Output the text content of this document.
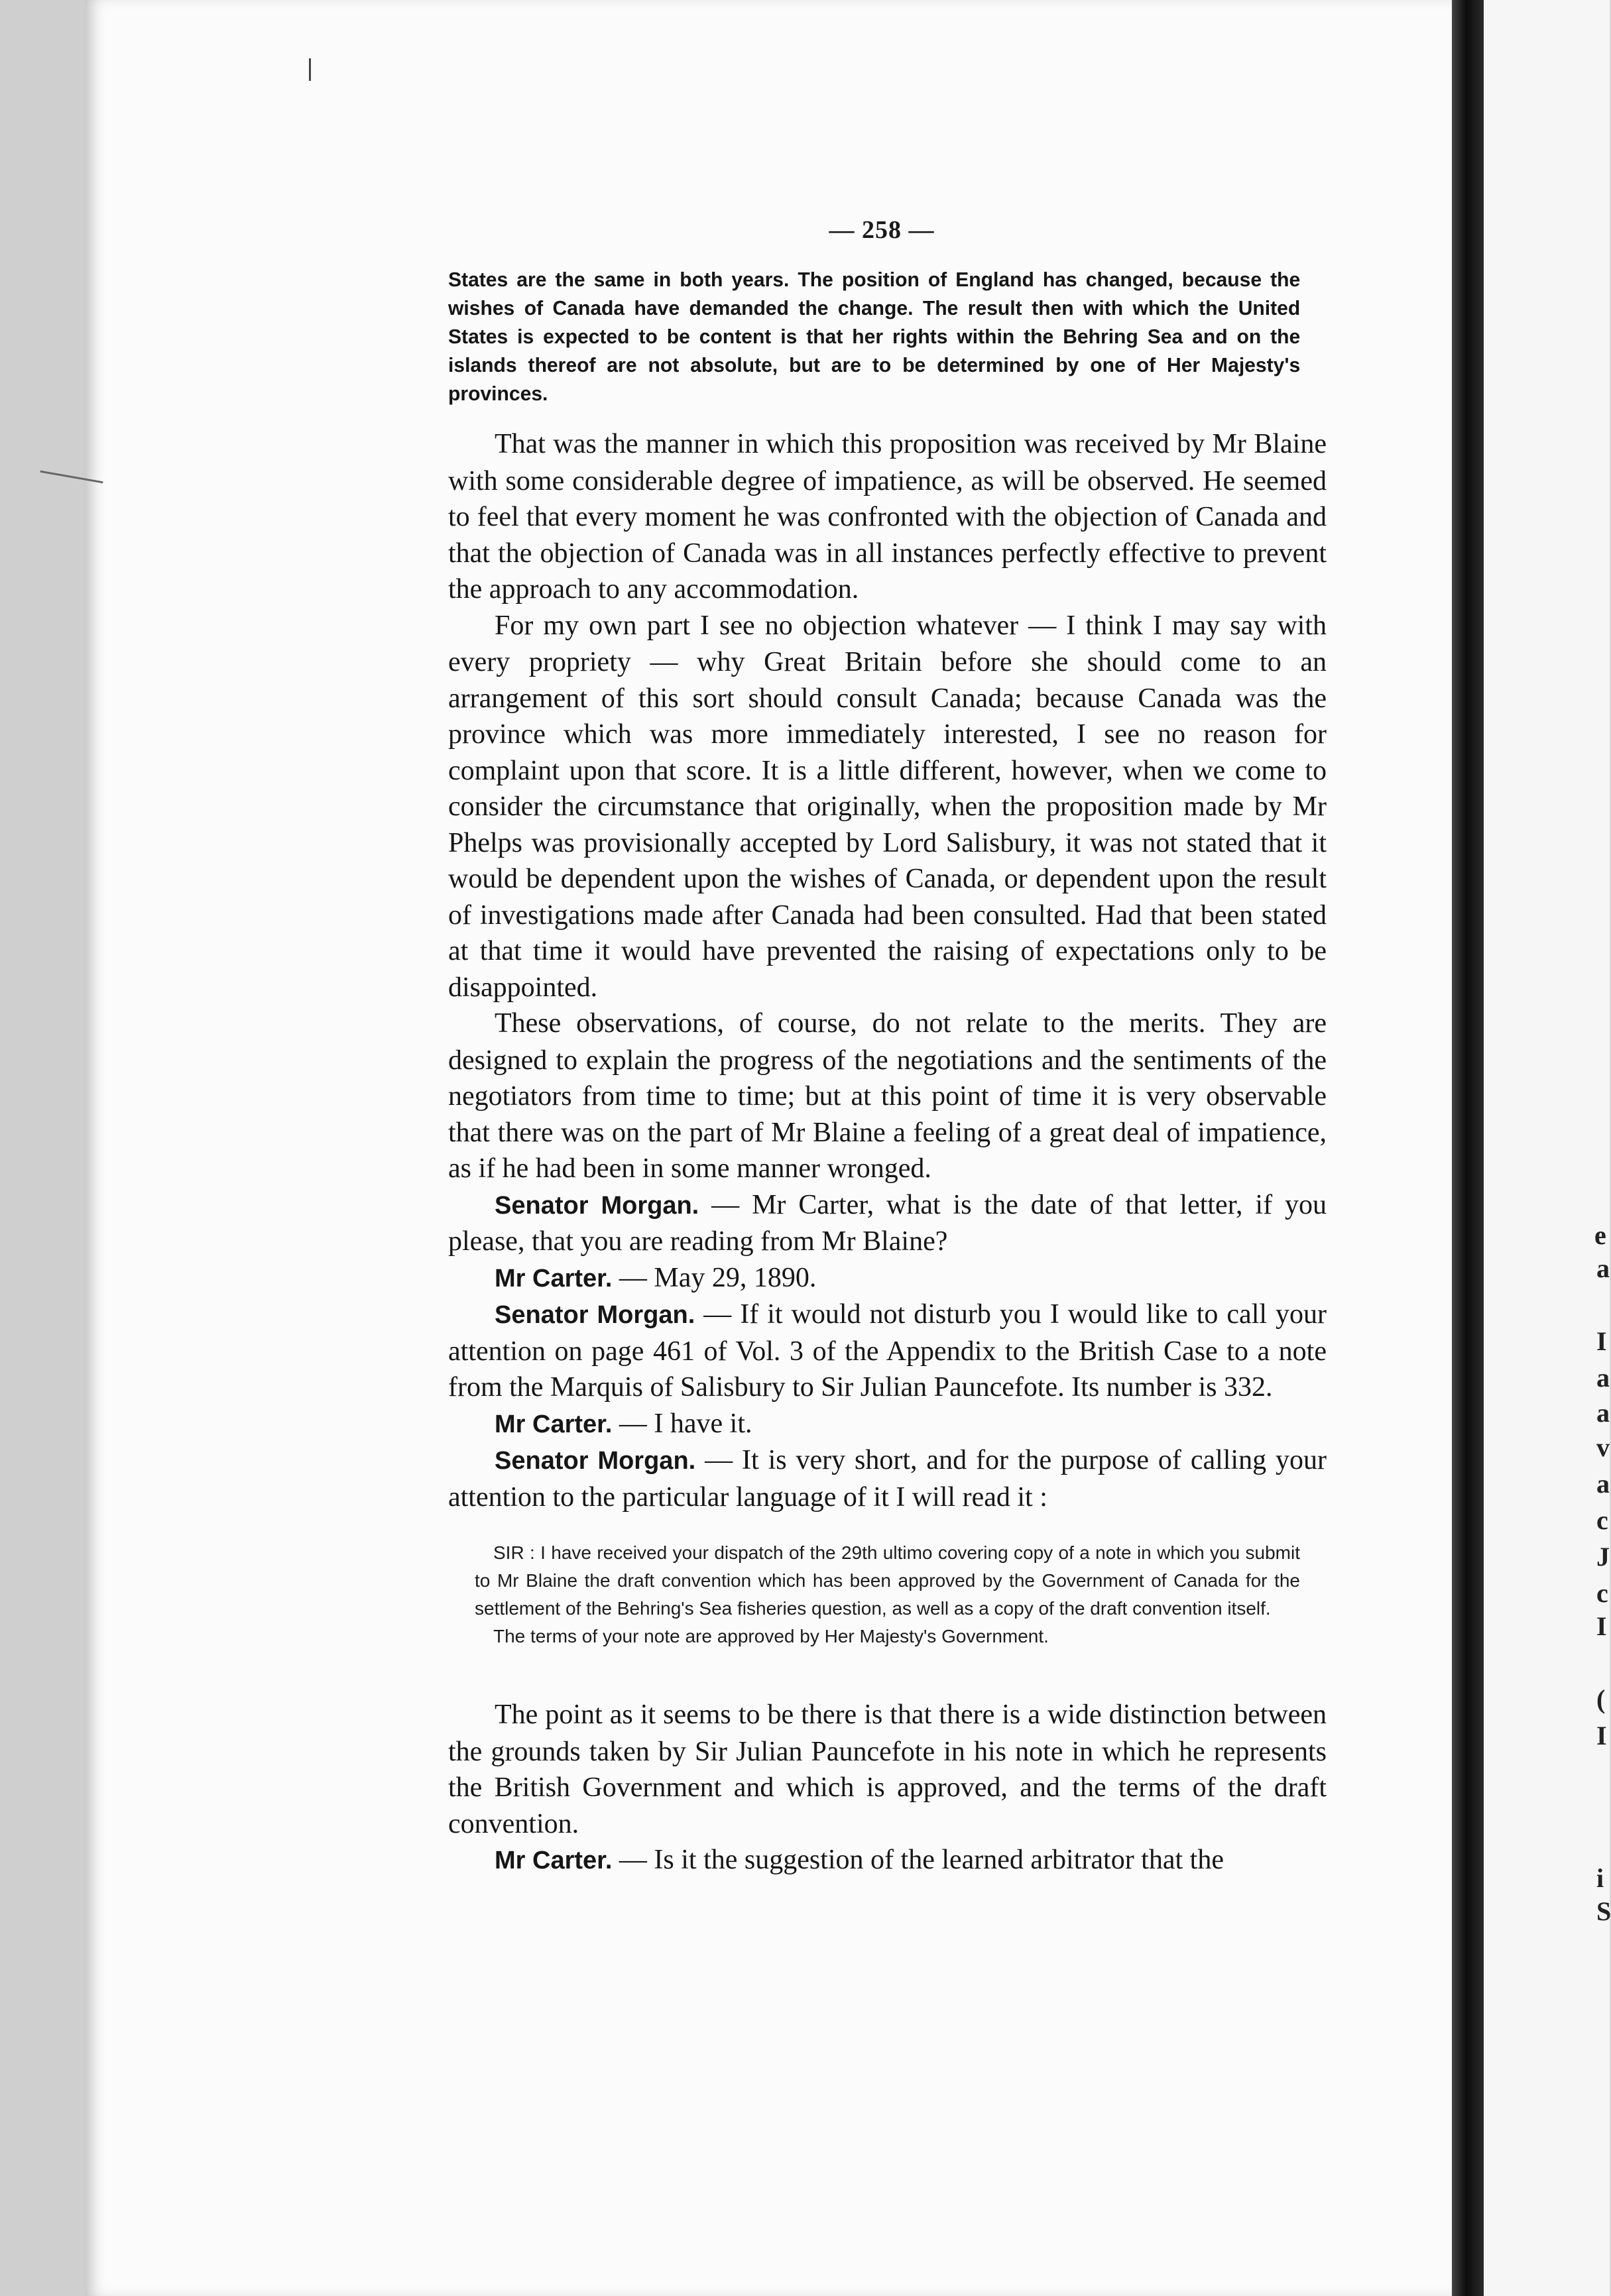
e
a
I
a
a
v
a
c
J
c
I
(
I
i
S
— 258 —

States are the same in both years. The position of England has changed, because the wishes of Canada have demanded the change. The result then with which the United States is expected to be content is that her rights within the Behring Sea and on the islands thereof are not absolute, but are to be determined by one of Her Majesty's provinces.

That was the manner in which this proposition was received by Mr Blaine with some considerable degree of impatience, as will be observed. He seemed to feel that every moment he was confronted with the objection of Canada and that the objection of Canada was in all instances perfectly effective to prevent the approach to any accommodation.

For my own part I see no objection whatever — I think I may say with every propriety — why Great Britain before she should come to an arrangement of this sort should consult Canada; because Canada was the province which was more immediately interested, I see no reason for complaint upon that score. It is a little different, however, when we come to consider the circumstance that originally, when the proposition made by Mr Phelps was provisionally accepted by Lord Salisbury, it was not stated that it would be dependent upon the wishes of Canada, or dependent upon the result of investigations made after Canada had been consulted. Had that been stated at that time it would have prevented the raising of expectations only to be disappointed.

These observations, of course, do not relate to the merits. They are designed to explain the progress of the negotiations and the sentiments of the negotiators from time to time; but at this point of time it is very observable that there was on the part of Mr Blaine a feeling of a great deal of impatience, as if he had been in some manner wronged.

Senator Morgan. — Mr Carter, what is the date of that letter, if you please, that you are reading from Mr Blaine?

Mr Carter. — May 29, 1890.

Senator Morgan. — If it would not disturb you I would like to call your attention on page 461 of Vol. 3 of the Appendix to the British Case to a note from the Marquis of Salisbury to Sir Julian Pauncefote. Its number is 332.

Mr Carter. — I have it.

Senator Morgan. — It is very short, and for the purpose of calling your attention to the particular language of it I will read it :

SIR : I have received your dispatch of the 29th ultimo covering copy of a note in which you submit to Mr Blaine the draft convention which has been approved by the Government of Canada for the settlement of the Behring's Sea fisheries question, as well as a copy of the draft convention itself.

The terms of your note are approved by Her Majesty's Government.

The point as it seems to be there is that there is a wide distinction between the grounds taken by Sir Julian Pauncefote in his note in which he represents the British Government and which is approved, and the terms of the draft convention.

Mr Carter. — Is it the suggestion of the learned arbitrator that the
